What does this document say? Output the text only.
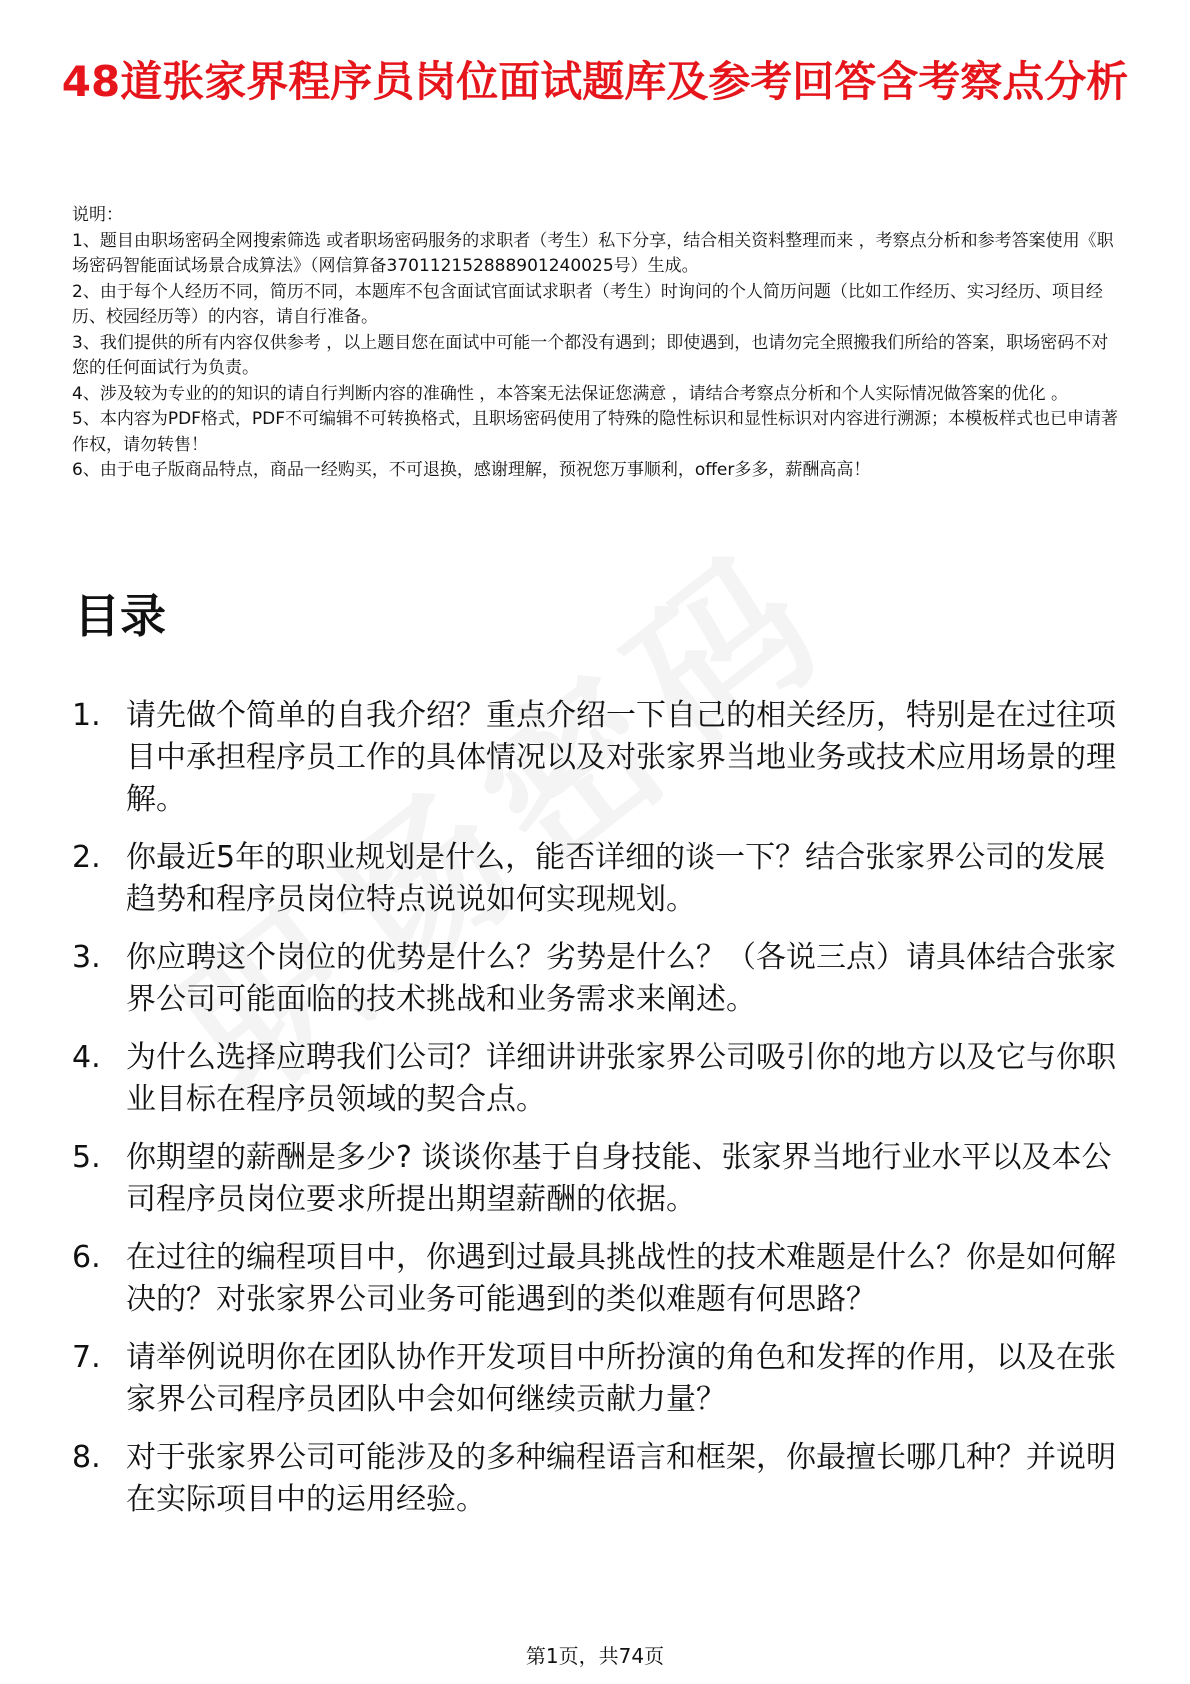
48道张家界程序员岗位面试题库及参考回答含考察点分析
说明：
1、题目由职场密码全网搜索筛选 或者职场密码服务的求职者（考生）私下分享，结合相关资料整理而来 ，考察点分析和参考答案使用《职场密码智能面试场景合成算法》（网信算备370112152888901240025号）生成。
2、由于每个人经历不同，简历不同，本题库不包含面试官面试求职者（考生）时询问的个人简历问题（比如工作经历、实习经历、项目经历、校园经历等）的内容，请自行准备。
3、我们提供的所有内容仅供参考 ，以上题目您在面试中可能一个都没有遇到；即使遇到，也请勿完全照搬我们所给的答案，职场密码不对您的任何面试行为负责。
4、涉及较为专业的的知识的请自行判断内容的准确性 ，本答案无法保证您满意 ，请结合考察点分析和个人实际情况做答案的优化 。
5、本内容为PDF格式，PDF不可编辑不可转换格式，且职场密码使用了特殊的隐性标识和显性标识对内容进行溯源；本模板样式也已申请著作权，请勿转售！
6、由于电子版商品特点，商品一经购买，不可退换，感谢理解，预祝您万事顺利，offer多多，薪酬高高！
目录
1. 请先做个简单的自我介绍？重点介绍一下自己的相关经历，特别是在过往项目中承担程序员工作的具体情况以及对张家界当地业务或技术应用场景的理解。
2. 你最近5年的职业规划是什么，能否详细的谈一下？结合张家界公司的发展趋势和程序员岗位特点说说如何实现规划。
3. 你应聘这个岗位的优势是什么？劣势是什么？（各说三点）请具体结合张家界公司可能面临的技术挑战和业务需求来阐述。
4. 为什么选择应聘我们公司？详细讲讲张家界公司吸引你的地方以及它与你职业目标在程序员领域的契合点。
5. 你期望的薪酬是多少? 谈谈你基于自身技能、张家界当地行业水平以及本公司程序员岗位要求所提出期望薪酬的依据。
6. 在过往的编程项目中，你遇到过最具挑战性的技术难题是什么？你是如何解决的？对张家界公司业务可能遇到的类似难题有何思路？
7. 请举例说明你在团队协作开发项目中所扮演的角色和发挥的作用，以及在张家界公司程序员团队中会如何继续贡献力量？
8. 对于张家界公司可能涉及的多种编程语言和框架，你最擅长哪几种？并说明在实际项目中的运用经验。
第1页，共74页
